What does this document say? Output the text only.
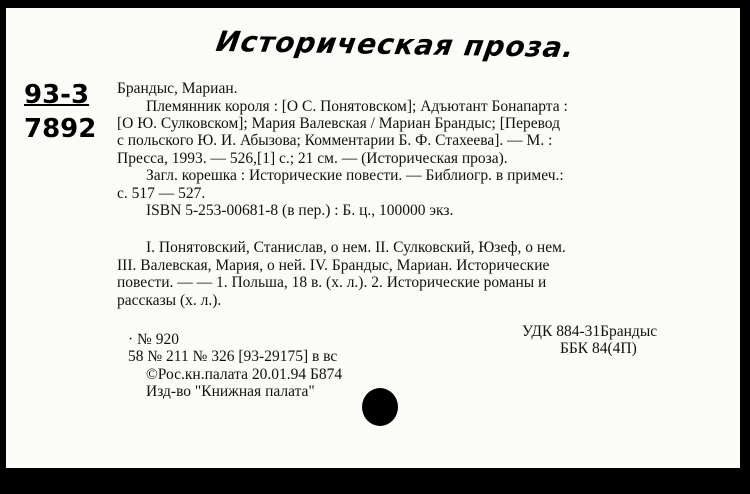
Историческая проза.
93-3
7892
Брандыс, Мариан.
Племянник короля : [О С. Понятовском]; Адъютант Бонапарта :
[О Ю. Сулковском]; Мария Валевская / Мариан Брандыс; [Перевод
с польского Ю. И. Абызова; Комментарии Б. Ф. Стахеева]. — М. :
Пресса, 1993. — 526,[1] с.; 21 см. — (Историческая проза).
Загл. корешка : Исторические повести. — Библиогр. в примеч.:
с. 517 — 527.
ISBN 5-253-00681-8 (в пер.) : Б. ц., 100000 экз.
I. Понятовский, Станислав, о нем. II. Сулковский, Юзеф, о нем.
III. Валевская, Мария, о ней. IV. Брандыс, Мариан. Исторические
повести. — — 1. Польша, 18 в. (х. л.). 2. Исторические романы и
рассказы (х. л.).
УДК 884-31Брандыс
ББК 84(4П)
· № 920
58 № 211 № 326 [93-29175] в вс
©Рос.кн.палата 20.01.94 Б874
Изд-во "Книжная палата"
